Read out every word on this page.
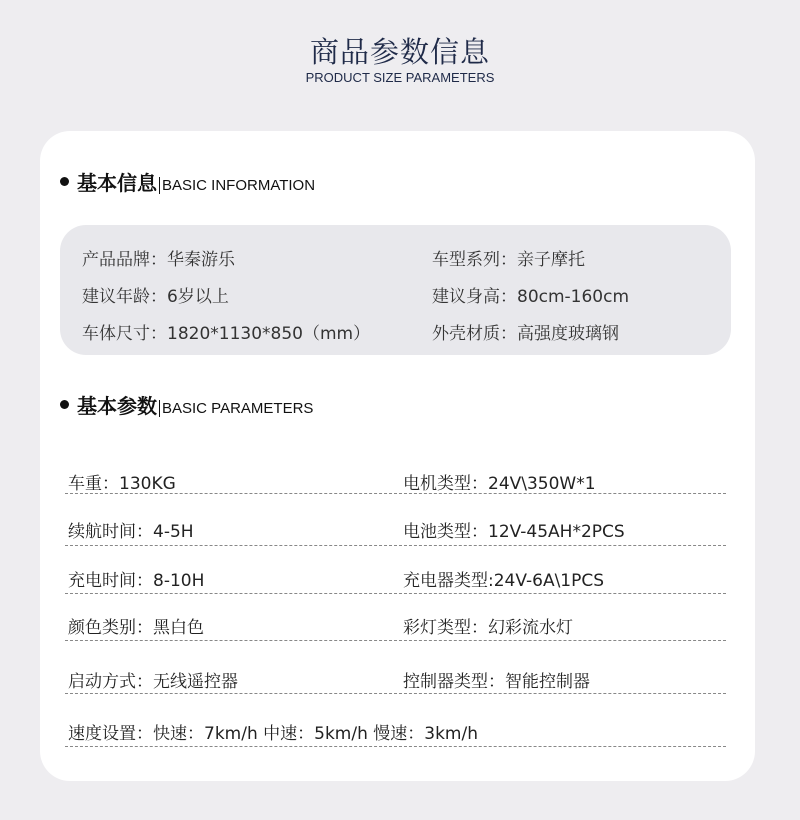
商品参数信息
PRODUCT SIZE PARAMETERS
基本信息 BASIC INFORMATION
产品品牌：华秦游乐	车型系列：亲子摩托
建议年龄：6岁以上	建议身高：80cm-160cm
车体尺寸：1820*1130*850（mm）	外壳材质：高强度玻璃钢
基本参数 BASIC PARAMETERS
车重：130KG	电机类型：24V\350W*1
续航时间：4-5H	电池类型：12V-45AH*2PCS
充电时间：8-10H	充电器类型:24V-6A\1PCS
颜色类别：黑白色	彩灯类型：幻彩流水灯
启动方式：无线遥控器	控制器类型：智能控制器
速度设置：快速：7km/h 中速：5km/h 慢速：3km/h
